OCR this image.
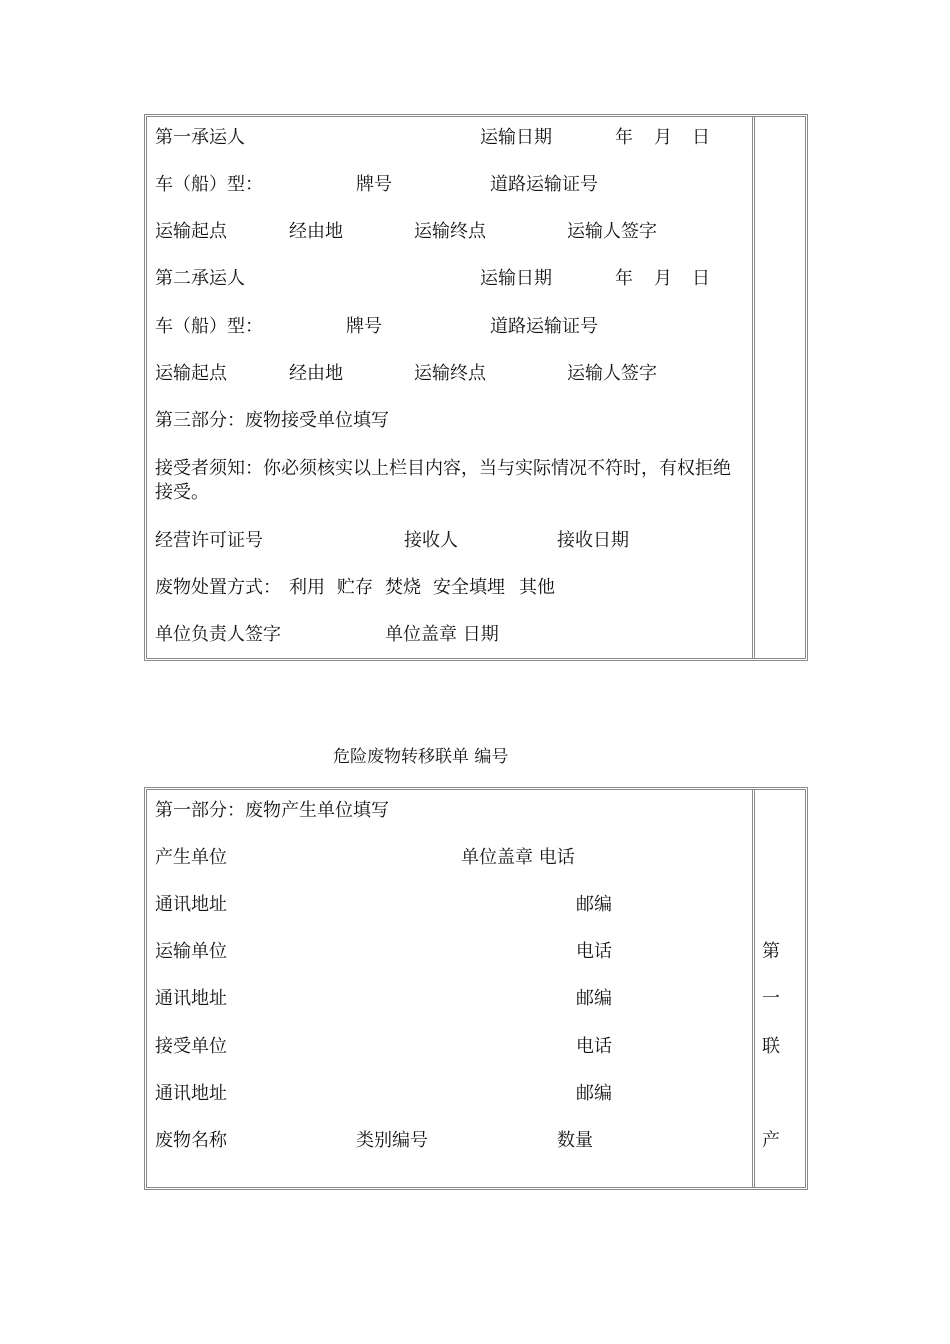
第一承运人	运输日期	年 月 日
车（船）型：	牌号	道路运输证号
运输起点	经由地	运输终点	运输人签字
第二承运人	运输日期	年 月 日
车（船）型：	牌号	道路运输证号
运输起点	经由地	运输终点	运输人签字
第三部分：废物接受单位填写
接受者须知：你必须核实以上栏目内容，当与实际情况不符时，有权拒绝接受。
经营许可证号	接收人	接收日期
废物处置方式： 利用 贮存 焚烧 安全填埋 其他
单位负责人签字	单位盖章 日期
危险废物转移联单 编号
第一部分：废物产生单位填写
产生单位	单位盖章 电话
通讯地址	邮编
运输单位	电话
通讯地址	邮编
接受单位	电话
通讯地址	邮编
废物名称	类别编号	数量
第
一
联
产
